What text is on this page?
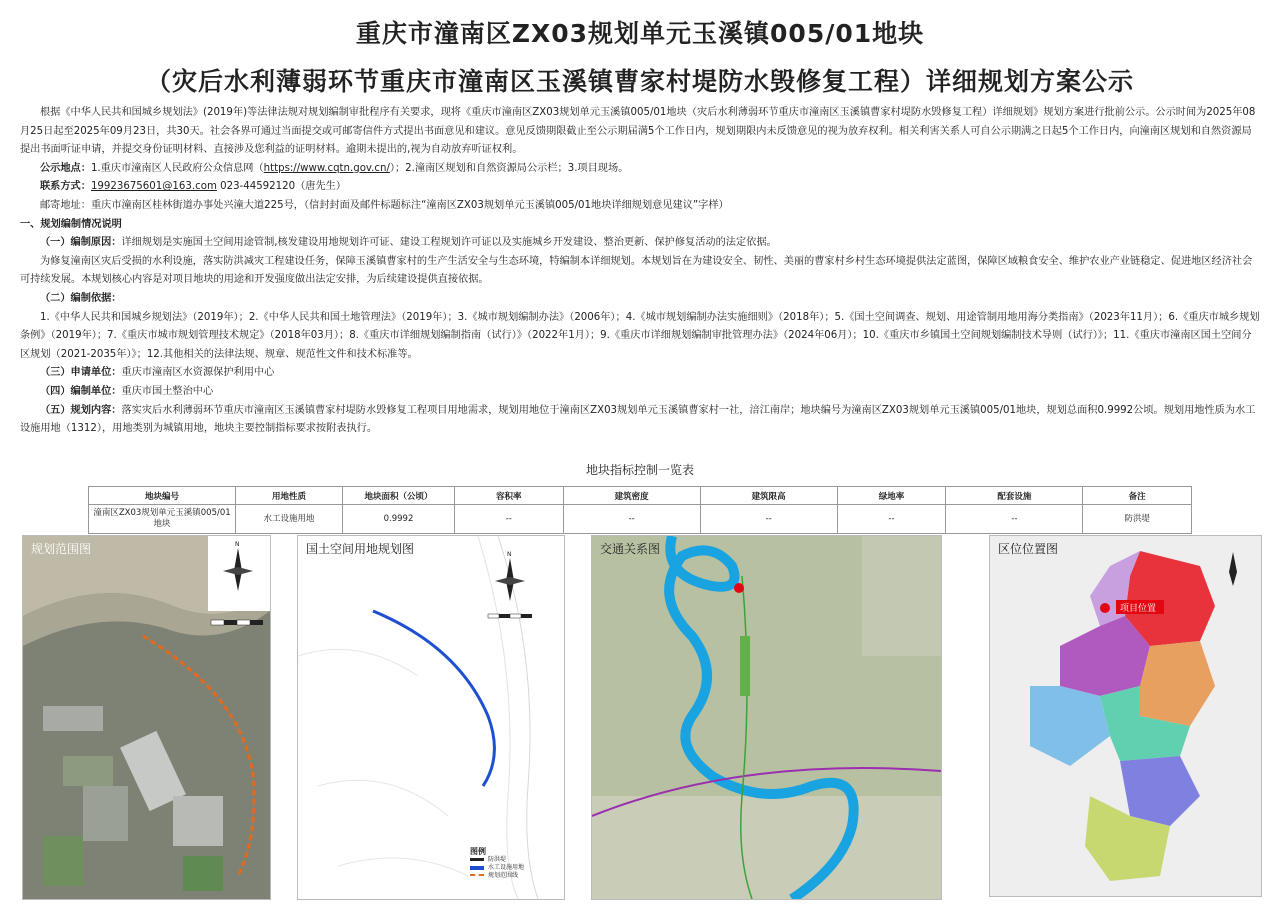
重庆市潼南区ZX03规划单元玉溪镇005/01地块
（灾后水利薄弱环节重庆市潼南区玉溪镇曹家村堤防水毁修复工程）详细规划方案公示

根据《中华人民共和国城乡规划法》(2019年)等法律法规对规划编制审批程序有关要求，现将《重庆市潼南区ZX03规划单元玉溪镇005/01地块（灾后水利薄弱环节重庆市潼南区玉溪镇曹家村堤防水毁修复工程）详细规划》规划方案进行批前公示。公示时间为2025年08月25日起至2025年09月23日，共30天。社会各界可通过当面提交或可邮寄信件方式提出书面意见和建议。意见反馈期限截止至公示期届满5个工作日内，规划期限内未反馈意见的视为放弃权利。相关利害关系人可自公示期满之日起5个工作日内，向潼南区规划和自然资源局提出书面听证申请，并提交身份证明材料、直接涉及您利益的证明材料。逾期未提出的,视为自动放弃听证权利。

公示地点：1.重庆市潼南区人民政府公众信息网（https://www.cqtn.gov.cn/）；2.潼南区规划和自然资源局公示栏；3.项目现场。

联系方式：19923675601@163.com 023-44592120（唐先生）

邮寄地址：重庆市潼南区桂林街道办事处兴潼大道225号，（信封封面及邮件标题标注“潼南区ZX03规划单元玉溪镇005/01地块详细规划意见建议”字样）

一、规划编制情况说明

（一）编制原因：详细规划是实施国土空间用途管制,核发建设用地规划许可证、建设工程规划许可证以及实施城乡开发建设、整治更新、保护修复活动的法定依据。

为修复潼南区灾后受损的水利设施，落实防洪减灾工程建设任务，保障玉溪镇曹家村的生产生活安全与生态环境，特编制本详细规划。本规划旨在为建设安全、韧性、美丽的曹家村乡村生态环境提供法定蓝图，保障区域粮食安全、维护农业产业链稳定、促进地区经济社会可持续发展。本规划核心内容是对项目地块的用途和开发强度做出法定安排，为后续建设提供直接依据。

（二）编制依据：

1.《中华人民共和国城乡规划法》（2019年）；2.《中华人民共和国土地管理法》（2019年）；3.《城市规划编制办法》（2006年）；4.《城市规划编制办法实施细则》（2018年）；5.《国土空间调查、规划、用途管制用地用海分类指南》（2023年11月）；6.《重庆市城乡规划条例》（2019年）；7.《重庆市城市规划管理技术规定》（2018年03月）；8.《重庆市详细规划编制指南（试行）》（2022年1月）；9.《重庆市详细规划编制审批管理办法》（2024年06月）；10.《重庆市乡镇国土空间规划编制技术导则（试行）》；11.《重庆市潼南区国土空间分区规划（2021-2035年）》；12.其他相关的法律法规、规章、规范性文件和技术标准等。

（三）申请单位：重庆市潼南区水资源保护利用中心

（四）编制单位：重庆市国土整治中心

（五）规划内容：落实灾后水利薄弱环节重庆市潼南区玉溪镇曹家村堤防水毁修复工程项目用地需求，规划用地位于潼南区ZX03规划单元玉溪镇曹家村一社，涪江南岸；地块编号为潼南区ZX03规划单元玉溪镇005/01地块，规划总面积0.9992公顷。规划用地性质为水工设施用地（1312），用地类别为城镇用地，地块主要控制指标要求按附表执行。

地块指标控制一览表
地块编号	用地性质	地块面积（公顷）	容积率	建筑密度	建筑限高	绿地率	配套设施	备注
潼南区ZX03规划单元玉溪镇005/01地块	水工设施用地	0.9992	--	--	--	--	--	防洪堤
规划范围图	N	国土空间用地规划图	N
图例
防洪堤
水工设施用地
规划范围线
交通关系图	区位位置图
项目位置
